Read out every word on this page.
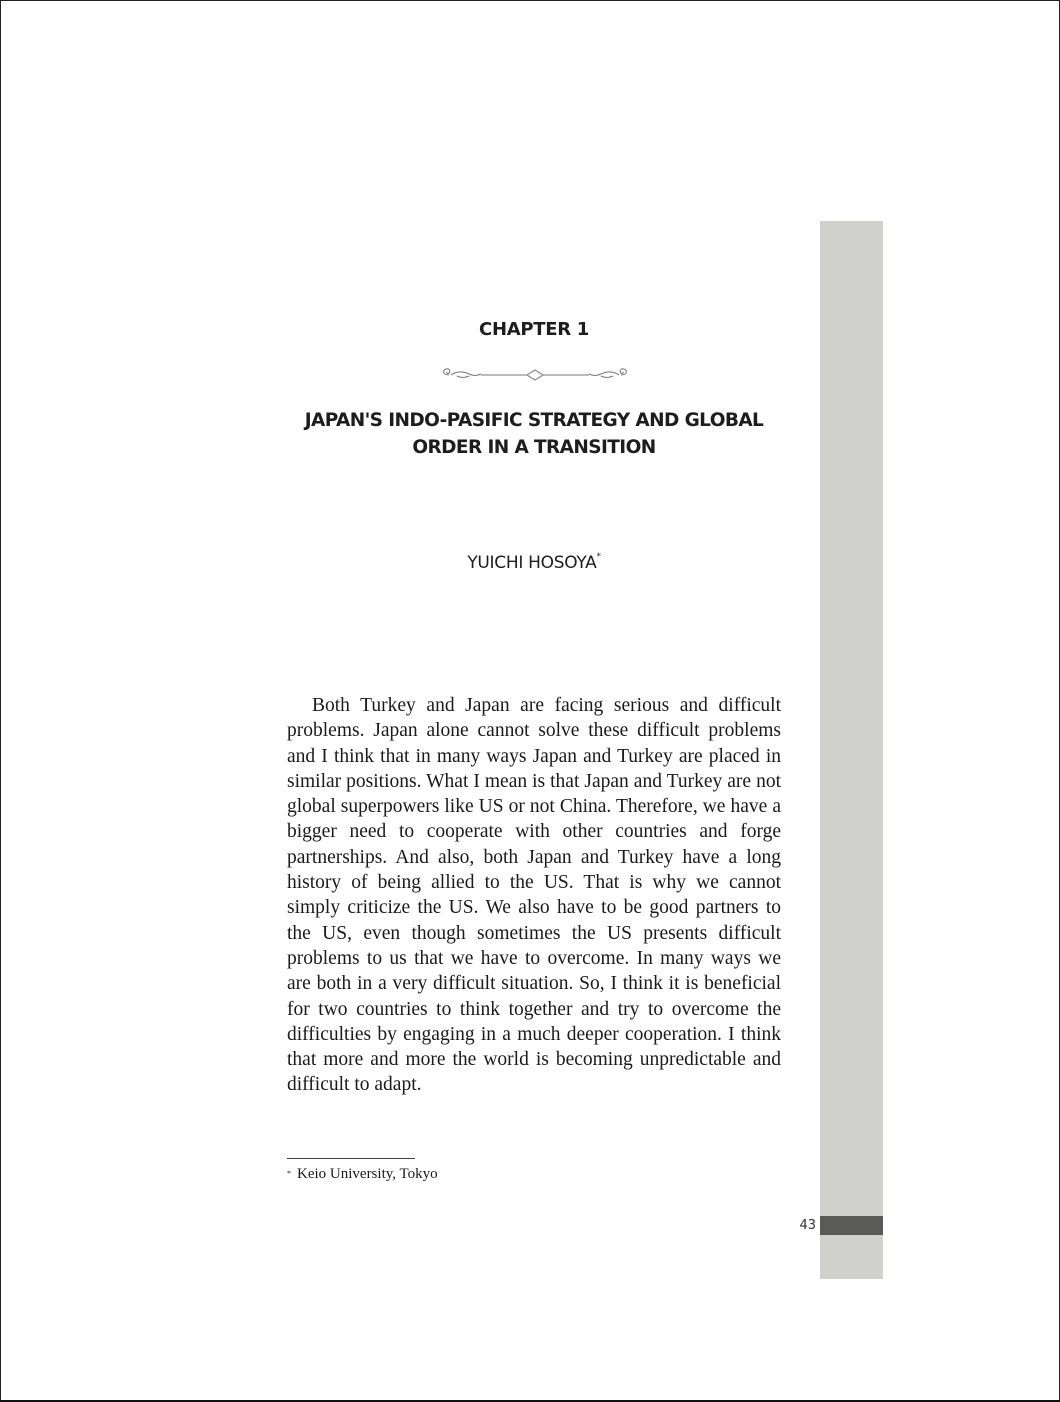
43
CHAPTER 1
JAPAN'S INDO-PASIFIC STRATEGY AND GLOBAL ORDER IN A TRANSITION
YUICHI HOSOYA*

Both Turkey and Japan are facing serious and difficult problems. Japan alone cannot solve these difficult problems and I think that in many ways Japan and Turkey are placed in similar positions. What I mean is that Japan and Turkey are not global superpowers like US or not China. Therefore, we have a bigger need to cooperate with other countries and forge partnerships. And also, both Japan and Turkey have a long history of being allied to the US. That is why we cannot simply criticize the US. We also have to be good partners to the US, even though sometimes the US presents difficult problems to us that we have to overcome. In many ways we are both in a very difficult situation. So, I think it is beneficial for two countries to think together and try to overcome the difficulties by engaging in a much deeper cooperation. I think that more and more the world is becoming unpredictable and difficult to adapt.

* Keio University, Tokyo
